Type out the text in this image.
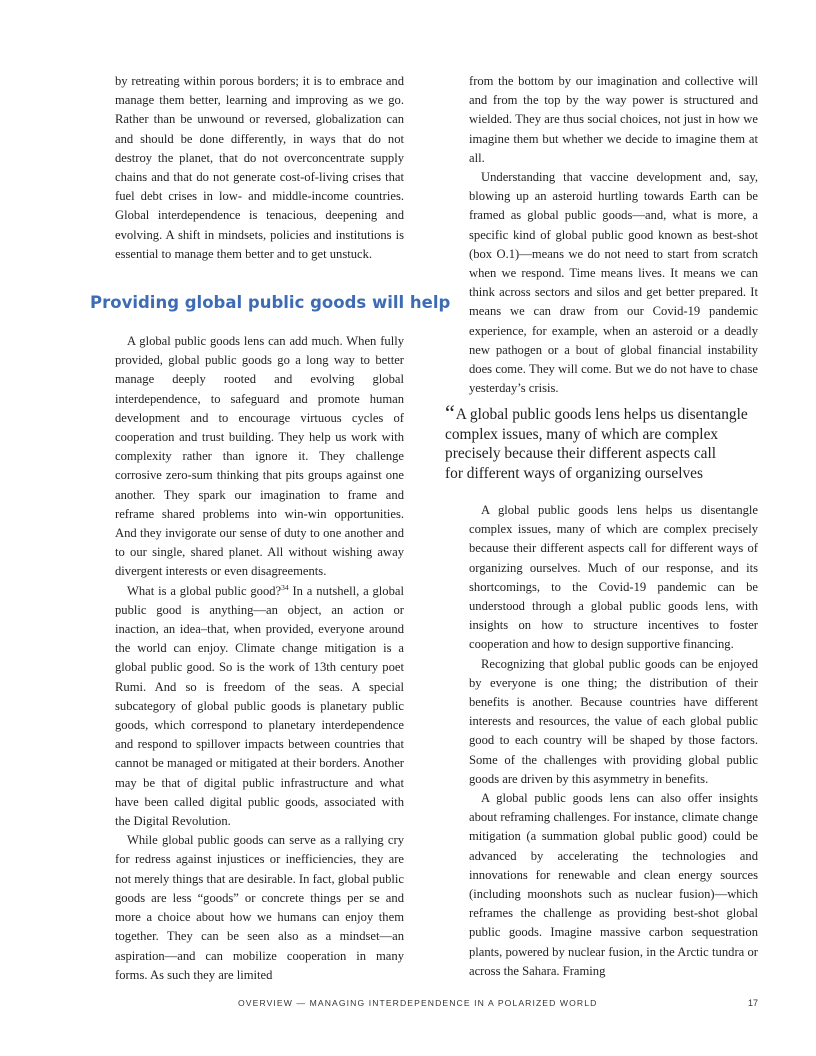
by retreating within porous borders; it is to embrace and manage them better, learning and improving as we go. Rather than be unwound or reversed, globalization can and should be done differently, in ways that do not destroy the planet, that do not overconcentrate supply chains and that do not generate cost-of-living crises that fuel debt crises in low- and middle-income countries. Global interdependence is tenacious, deepening and evolving. A shift in mindsets, policies and institutions is essential to manage them better and to get unstuck.

Providing global public goods will help

A global public goods lens can add much. When fully provided, global public goods go a long way to better manage deeply rooted and evolving global interdependence, to safeguard and promote human development and to encourage virtuous cycles of cooperation and trust building. They help us work with complexity rather than ignore it. They challenge corrosive zero-sum thinking that pits groups against one another. They spark our imagination to frame and reframe shared problems into win-win opportunities. And they invigorate our sense of duty to one another and to our single, shared planet. All without wishing away divergent interests or even disagreements.

What is a global public good?$^{34}$ In a nutshell, a global public good is anything—an object, an action or inaction, an idea–that, when provided, everyone around the world can enjoy. Climate change mitigation is a global public good. So is the work of 13th century poet Rumi. And so is freedom of the seas. A special subcategory of global public goods is planetary public goods, which correspond to planetary interdependence and respond to spillover impacts between countries that cannot be managed or mitigated at their borders. Another may be that of digital public infrastructure and what have been called digital public goods, associated with the Digital Revolution.

While global public goods can serve as a rallying cry for redress against injustices or inefficiencies, they are not merely things that are desirable. In fact, global public goods are less “goods” or concrete things per se and more a choice about how we humans can enjoy them together. They can be seen also as a mindset—an aspiration—and can mobilize cooperation in many forms. As such they are limited

from the bottom by our imagination and collective will and from the top by the way power is structured and wielded. They are thus social choices, not just in how we imagine them but whether we decide to imagine them at all.

Understanding that vaccine development and, say, blowing up an asteroid hurtling towards Earth can be framed as global public goods—and, what is more, a specific kind of global public good known as best-shot (box O.1)—means we do not need to start from scratch when we respond. Time means lives. It means we can think across sectors and silos and get better prepared. It means we can draw from our Covid-19 pandemic experience, for example, when an asteroid or a deadly new pathogen or a bout of global financial instability does come. They will come. But we do not have to chase yesterday’s crisis.

“A global public goods lens helps us disentangle
complex issues, many of which are complex
precisely because their different aspects call
for different ways of organizing ourselves

A global public goods lens helps us disentangle complex issues, many of which are complex precisely because their different aspects call for different ways of organizing ourselves. Much of our response, and its shortcomings, to the Covid-19 pandemic can be understood through a global public goods lens, with insights on how to structure incentives to foster cooperation and how to design supportive financing.

Recognizing that global public goods can be enjoyed by everyone is one thing; the distribution of their benefits is another. Because countries have different interests and resources, the value of each global public good to each country will be shaped by those factors. Some of the challenges with providing global public goods are driven by this asymmetry in benefits.

A global public goods lens can also offer insights about reframing challenges. For instance, climate change mitigation (a summation global public good) could be advanced by accelerating the technologies and innovations for renewable and clean energy sources (including moonshots such as nuclear fusion)—which reframes the challenge as providing best-shot global public goods. Imagine massive carbon sequestration plants, powered by nuclear fusion, in the Arctic tundra or across the Sahara. Framing

OVERVIEW — MANAGING INTERDEPENDENCE IN A POLARIZED WORLD	17
